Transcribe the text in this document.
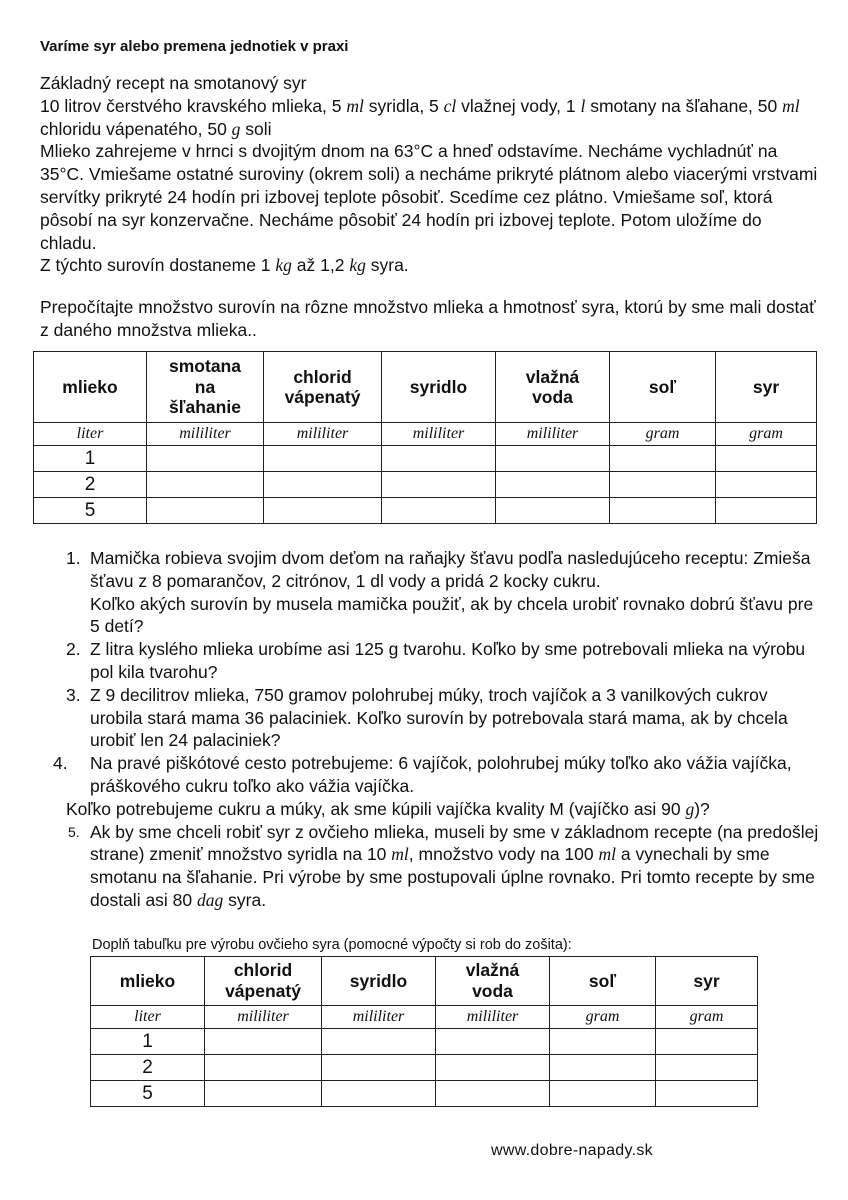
Varíme syr alebo premena jednotiek v praxi

Základný recept na smotanový syr

10 litrov čerstvého kravského mlieka, 5 ml syridla, 5 cl vlažnej vody, 1 l smotany na šľahane, 50 ml chloridu vápenatého, 50 g soli

Mlieko zahrejeme v hrnci s dvojitým dnom na 63°C a hneď odstavíme. Necháme vychladnúť na 35°C. Vmiešame ostatné suroviny (okrem soli) a necháme prikryté plátnom alebo viacerými vrstvami servítky prikryté 24 hodín pri izbovej teplote pôsobiť. Scedíme cez plátno. Vmiešame soľ, ktorá pôsobí na syr konzervačne. Necháme pôsobiť 24 hodín pri izbovej teplote. Potom uložíme do chladu.

Z týchto surovín dostaneme 1 kg až 1,2 kg syra.

Prepočítajte množstvo surovín na rôzne množstvo mlieka a hmotnosť syra, ktorú by sme mali dostať z daného množstva mlieka..

mlieko	smotana na šľahanie	chlorid vápenatý	syridlo	vlažná voda	soľ	syr
liter	mililiter	mililiter	mililiter	mililiter	gram	gram
1						
2						
5						
1. Mamička robieva svojim dvom deťom na raňajky šťavu podľa nasledujúceho receptu: Zmieša šťavu z 8 pomarančov, 2 citrónov, 1 dl vody a pridá 2 kocky cukru.

Koľko akých surovín by musela mamička použiť, ak by chcela urobiť rovnako dobrú šťavu pre 5 detí?

2. Z litra kyslého mlieka urobíme asi 125 g tvarohu. Koľko by sme potrebovali mlieka na výrobu pol kila tvarohu?

3. Z 9 decilitrov mlieka, 750 gramov polohrubej múky, troch vajíčok a 3 vanilkových cukrov urobila stará mama 36 palaciniek. Koľko surovín by potrebovala stará mama, ak by chcela urobiť len 24 palaciniek?

4.	Na pravé piškótové cesto potrebujeme: 6 vajíčok, polohrubej múky toľko ako vážia vajíčka, práškového cukru toľko ako vážia vajíčka.

Koľko potrebujeme cukru a múky, ak sme kúpili vajíčka kvality M (vajíčko asi 90 g)?

5. Ak by sme chceli robiť syr z ovčieho mlieka, museli by sme v základnom recepte (na predošlej strane) zmeniť množstvo syridla na 10 ml, množstvo vody na 100 ml a vynechali by sme smotanu na šľahanie. Pri výrobe by sme postupovali úplne rovnako. Pri tomto recepte by sme dostali asi 80 dag syra.

Doplň tabuľku pre výrobu ovčieho syra (pomocné výpočty si rob do zošita):
mlieko	chlorid vápenatý	syridlo	vlažná voda	soľ	syr
liter	mililiter	mililiter	mililiter	gram	gram
1					
2					
5					
www.dobre-napady.sk
